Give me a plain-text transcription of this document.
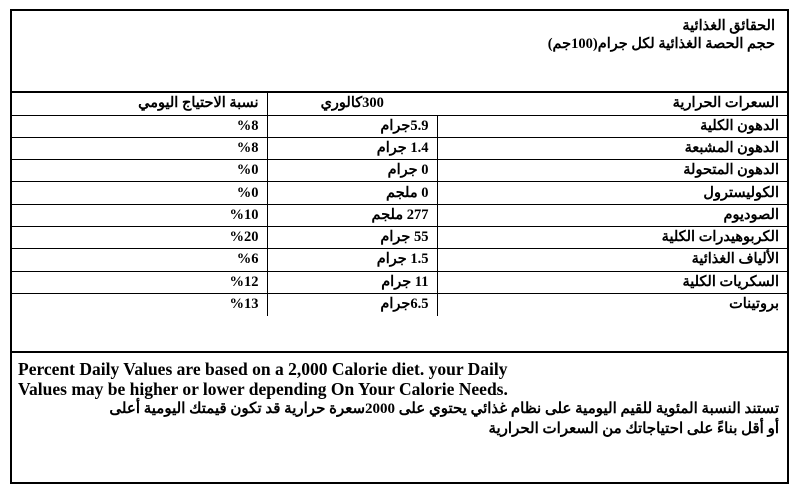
الحقائق الغذائية
حجم الحصة الغذائية لكل جرام(100جم)
نسبة الاحتياج اليومي	300كالوري	السعرات الحرارية
%8	5.9جرام	الدهون الكلية
%8	1.4 جرام	الدهون المشبعة
%0	0 جرام	الدهون المتحولة
%0	0 ملجم	الكوليسترول
%10	277 ملجم	الصوديوم
%20	55 جرام	الكربوهيدرات الكلية
%6	1.5 جرام	الألياف الغذائية
%12	11 جرام	السكريات الكلية
%13	6.5جرام	بروتينات
Percent Daily Values are based on a 2,000 Calorie diet. your Daily
Values may be higher or lower depending On Your Calorie Needs.
تستند النسبة المئوية للقيم اليومية على نظام غذائي يحتوي على 2000سعرة حرارية قد تكون قيمتك اليومية أعلى
أو أقل بناءً على احتياجاتك من السعرات الحرارية
